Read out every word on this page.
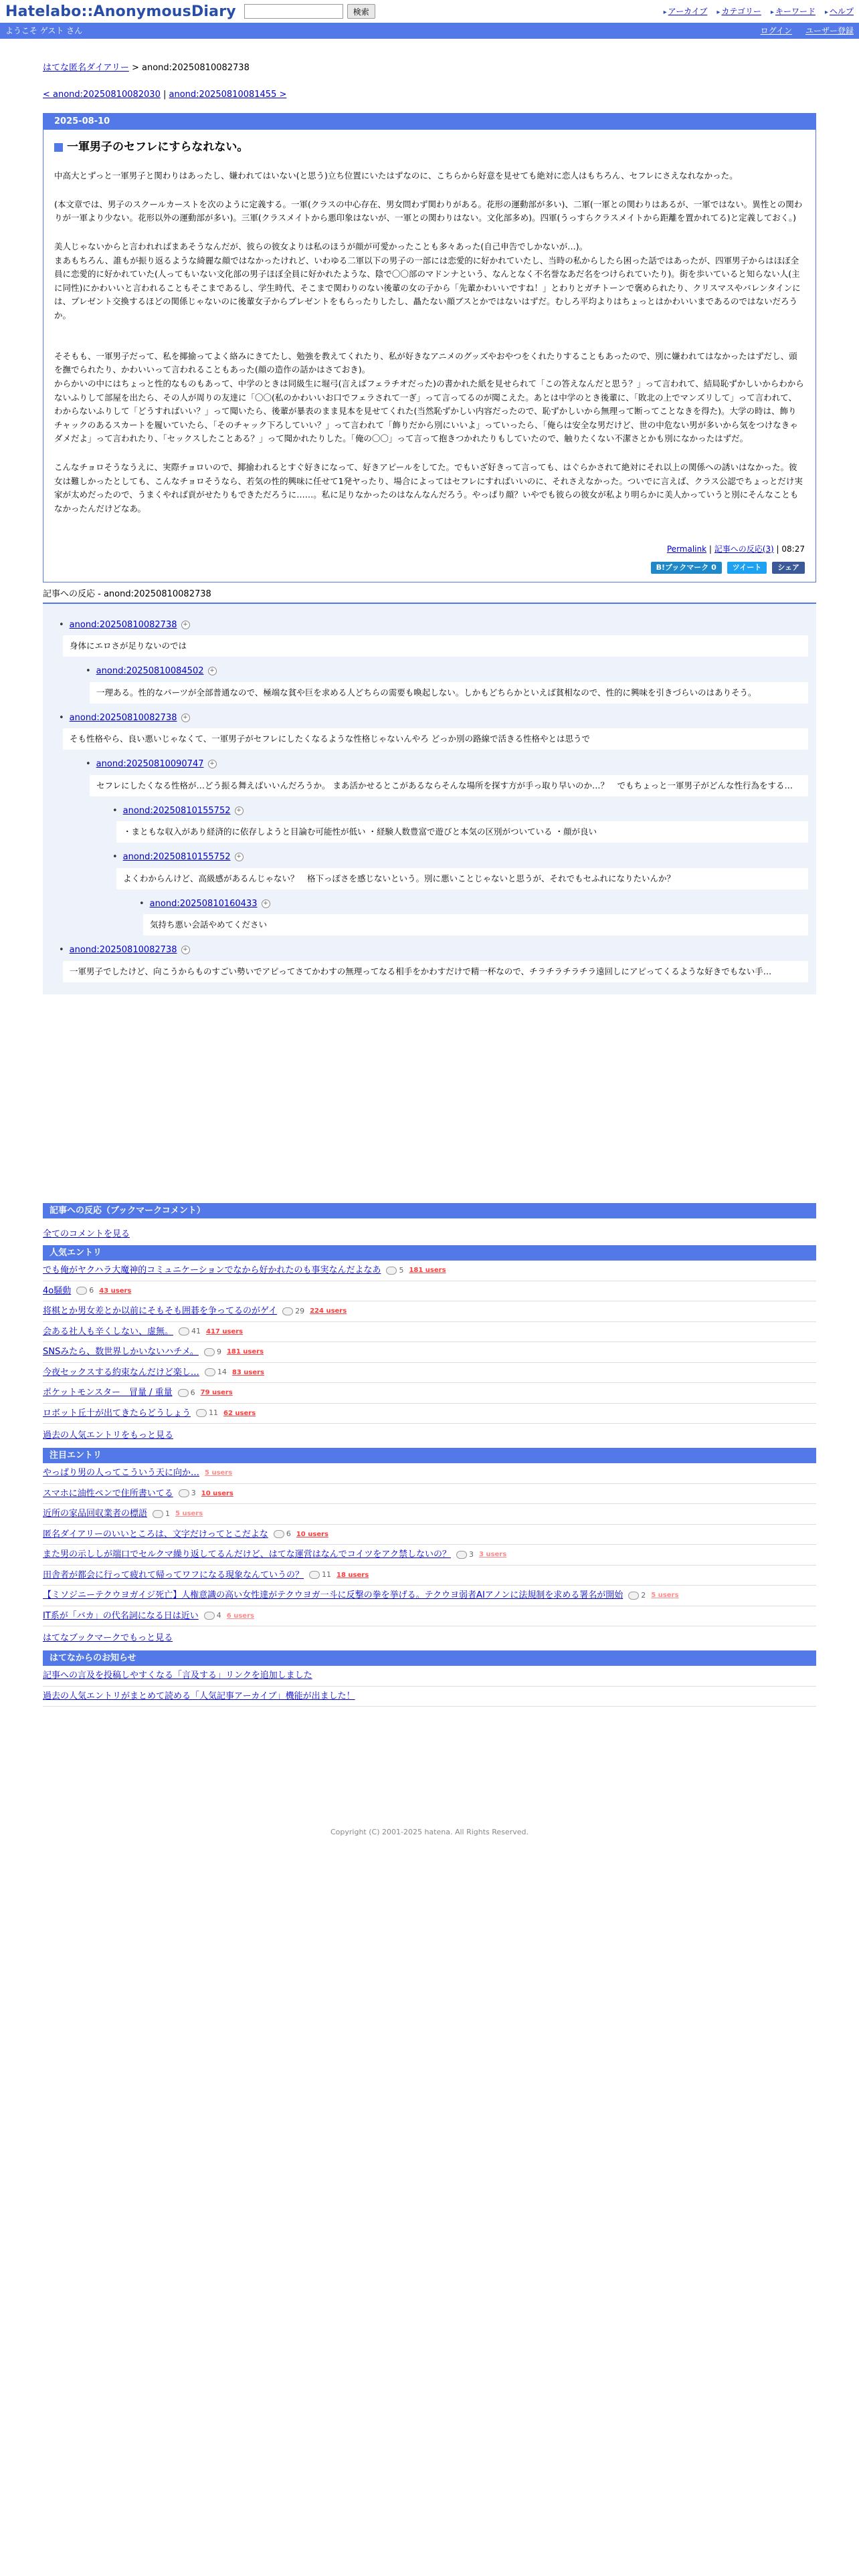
Hatelabo::AnonymousDiary	検索	▸ アーカイブ	▸ カテゴリー	▸ キーワード	▸ ヘルプ
ようこそ ゲスト さん	ログイン ユーザー登録
はてな匿名ダイアリー > anond:20250810082738
< anond:20250810082030 | anond:20250810081455 >
2025-08-10
一軍男子のセフレにすらなれない。

中高大とずっと一軍男子と関わりはあったし、嫌われてはいない(と思う)立ち位置にいたはずなのに、こちらから好意を見せても絶対に恋人はもちろん、セフレにさえなれなかった。

(本文章では、男子のスクールカーストを次のように定義する。一軍(クラスの中心存在、男女問わず関わりがある。花形の運動部が多い)、二軍(一軍との関わりはあるが、一軍ではない。異性との関わりが一軍より少ない。花形以外の運動部が多い)。三軍(クラスメイトから悪印象はないが、一軍との関わりはない。文化部多め)。四軍(うっすらクラスメイトから距離を置かれてる)と定義しておく。)

美人じゃないからと言われればまあそうなんだが、彼らの彼女よりは私のほうが顔が可愛かったことも多々あった(自己申告でしかないが…)。

まあもちろん、誰もが振り返るような綺麗な顔ではなかったけれど、いわゆる二軍以下の男子の一部には恋愛的に好かれていたし、当時の私からしたら困った話ではあったが、四軍男子からはほぼ全員に恋愛的に好かれていた(人ってもいない文化部の男子ほぼ全員に好かれたような、陰で〇〇部のマドンナという、なんとなく不名誉なあだ名をつけられていたり)。街を歩いていると知らない人(主に同性)にかわいいと言われることもそこまであるし、学生時代、そこまで関わりのない後輩の女の子から「先輩かわいいですね！」とわりとガチトーンで褒められたり、クリスマスやバレンタインには、プレゼント交換するほどの関係じゃないのに後輩女子からプレゼントをもらったりしたし、贔たない顔ブスとかではないはずだ。むしろ平均よりはちょっとはかわいいまであるのではないだろうか。

そそもも、一軍男子だって、私を揶揄ってよく絡みにきてたし、勉強を教えてくれたり、私が好きなアニメのグッズやおやつをくれたりすることもあったので、別に嫌われてはなかったはずだし、頭を撫でられたり、かわいいって言われることもあった(顔の造作の話かはさておき)。

からかいの中にはちょっと性的なものもあって、中学のときは同級生に堀弓(言えばフェラチオだった)の書かれた紙を見せられて「この答えなんだと思う？」って言われて、結局恥ずかしいからわからないふりして部屋を出たら、その人が周りの友達に「〇〇(私のかわいいお口でフェラされて一ぎ」って言ってるのが聞こえた。あとは中学のとき後輩に、「敗北の上でマンズリして」って言われて、わからないふりして「どうすればいい？」って聞いたら、後輩が暴表のまま見本を見せてくれた(当然恥ずかしい内容だったので、恥ずかしいから無理って断ってことなきを得た)。大学の時は、飾りチャックのあるスカートを履いていたら、「そのチャック下ろしていい？」って言われて「飾りだから別にいいよ」っていったら、「俺らは安全な男だけど、世の中危ない男が多いから気をつけなきゃダメだよ」って言われたり、「セックスしたことある？」って聞かれたりした。「俺の〇〇」って言って抱きつかれたりもしていたので、触りたくない不潔さとかも別になかったはずだ。

こんなチョロそうなうえに、実際チョロいので、揶揄われるとすぐ好きになって、好きアピールをしてた。でもいざ好きって言っても、はぐらかされて絶対にそれ以上の関係への誘いはなかった。彼女は難しかったとしても、こんなチョロそうなら、若気の性的興味に任せて1発ヤったり、場合によってはセフレにすればいいのに、それさえなかった。ついでに言えば、クラス公認でちょっとだけ実家が太めだったので、うまくやれば貢がせたりもできただろうに……。私に足りなかったのはなんなんだろう。やっぱり顔？いやでも彼らの彼女が私より明らかに美人かっていうと別にそんなこともなかったんだけどなあ。

Permalink | 記事への反応(3) | 08:27
B!ブックマーク 0	ツイート	シェア
記事への反応 - anond:20250810082738
• anond:20250810082738 +
身体にエロさが足りないのでは
• anond:20250810084502 +
一理ある。性的なパーツが全部普通なので、極端な貧や巨を求める人どちらの需要も喚起しない。しかもどちらかといえば貧相なので、性的に興味を引きづらいのはありそう。
• anond:20250810082738 +
そも性格やら、良い悪いじゃなくて、一軍男子がセフレにしたくなるような性格じゃないんやろ どっか別の路線で活きる性格やとは思うで
• anond:20250810090747 +
セフレにしたくなる性格が…どう振る舞えばいいんだろうか。 まあ活かせるとこがあるならそんな場所を探す方が手っ取り早いのか…？　でもちょっと一軍男子がどんな性行為をする…
• anond:20250810155752 +
・まともな収入があり経済的に依存しようと目論む可能性が低い ・経験人数豊富で遊びと本気の区別がついている ・顔が良い
• anond:20250810155752 +
よくわからんけど、高級感があるんじゃない？　格下っぽさを感じないという。別に悪いことじゃないと思うが、それでもセふれになりたいんか？
• anond:20250810160433 +
気持ち悪い会話やめてください
• anond:20250810082738 +
一軍男子でしたけど、向こうからものすごい勢いでアピってさてかわすの無理ってなる相手をかわすだけで精一杯なので、チラチラチラチラ遠回しにアピってくるような好きでもない手…
記事への反応（ブックマークコメント）
全てのコメントを見る
人気エントリ
でも俺がヤクハラ大魔神的コミュニケーションでなから好かれたのも事実なんだよなあ 5 181 users
4o騒動 6 43 users
将棋とか男女差とか以前にそもそも囲碁を争ってるのがゲイ 29 224 users
会ある社人も辛くしない、虚無。 41 417 users
SNSみたら、数世界しかいないハチメ。 9 181 users
今夜セックスする約束なんだけど楽し… 14 83 users
ポケットモンスター　冒量 / 重量 6 79 users
ロボット丘十が出てきたらどうしょう 11 62 users
過去の人気エントリをもっと見る
注目エントリ
やっぱり男の人ってこういう天に向か… 5 users
スマホに油性ペンで住所書いてる 3 10 users
近所の家品回収業者の標語 1 5 users
匿名ダイアリーのいいところは、文字だけってとこだよな 6 10 users
また男の示ししが端口でセルクマ繰り返してるんだけど、はてな運営はなんでコイツをアク禁しないの？ 3 3 users
田舎者が都会に行って疲れて帰ってワフになる現象なんていうの？ 11 18 users
【ミソジニーテクウヨガイジ死亡】人権意識の高い女性達がテクウヨガ一斗に反撃の拳を挙げる。テクウヨ弱者AIアノンに法規制を求める署名が開始 2 5 users
IT系が「バカ」の代名詞になる日は近い 4 6 users
はてなブックマークでもっと見る
はてなからのお知らせ
記事への言及を投稿しやすくなる「言及する」リンクを追加しました
過去の人気エントリがまとめて読める「人気記事アーカイブ」機能が出ました！
Copyright (C) 2001-2025 hatena. All Rights Reserved.
